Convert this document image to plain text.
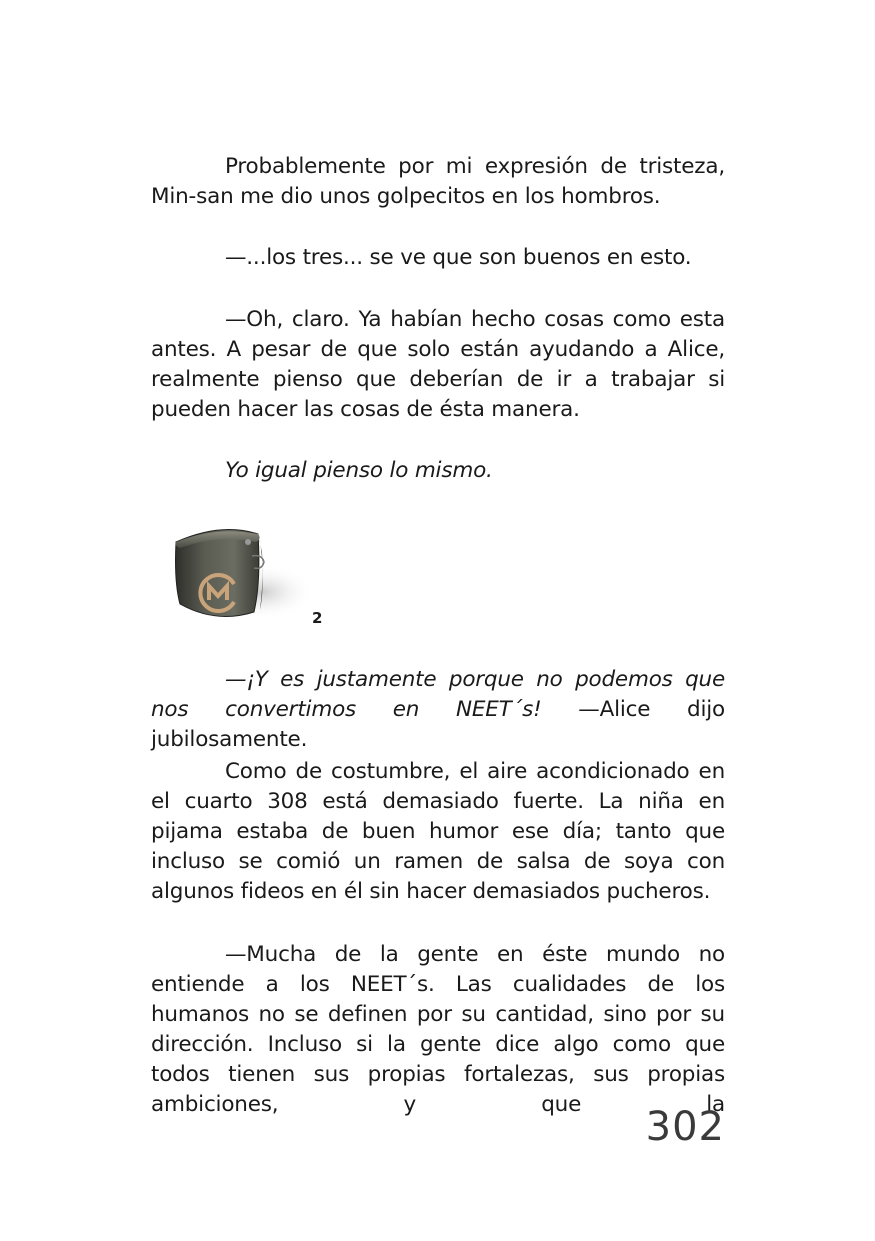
Probablemente por mi expresión de tristeza, Min-san me dio unos golpecitos en los hombros.

—...los tres... se ve que son buenos en esto.

—Oh, claro. Ya habían hecho cosas como esta antes. A pesar de que solo están ayudando a Alice, realmente pienso que deberían de ir a trabajar si pueden hacer las cosas de ésta manera.

Yo igual pienso lo mismo.

2

—¡Y es justamente porque no podemos que nos convertimos en NEET´s! —Alice dijo jubilosamente.

Como de costumbre, el aire acondicionado en el cuarto 308 está demasiado fuerte. La niña en pijama estaba de buen humor ese día; tanto que incluso se comió un ramen de salsa de soya con algunos fideos en él sin hacer demasiados pucheros.

—Mucha de la gente en éste mundo no entiende a los NEET´s. Las cualidades de los humanos no se definen por su cantidad, sino por su dirección. Incluso si la gente dice algo como que todos tienen sus propias fortalezas, sus propias ambiciones, y que la

302
